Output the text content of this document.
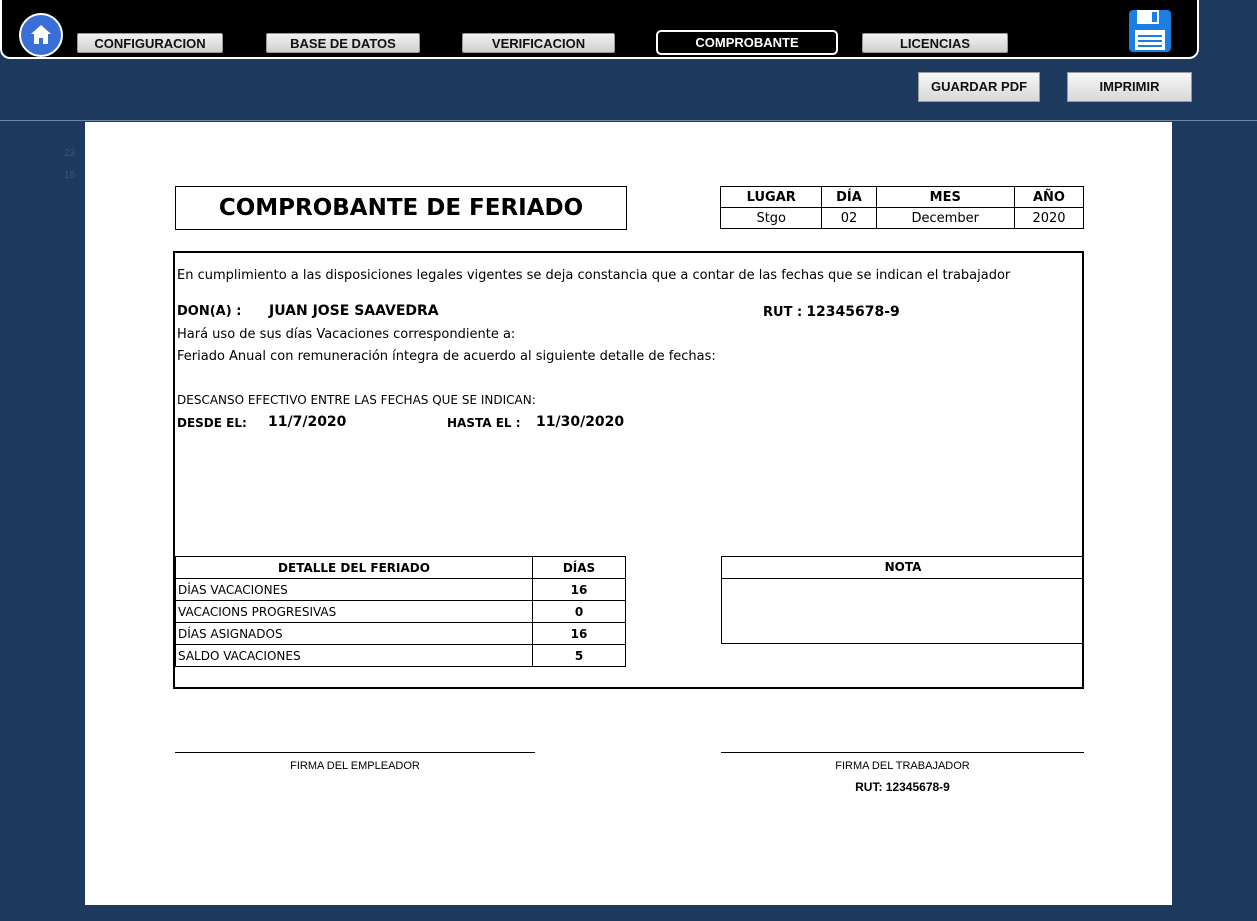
CONFIGURACION	BASE DE DATOS	VERIFICACION	COMPROBANTE	LICENCIAS
GUARDAR PDF	IMPRIMIR
23
16
COMPROBANTE DE FERIADO	LUGAR	DÍA	MES	AÑO
Stgo	02	December	2020
En cumplimiento a las disposiciones legales vigentes se deja constancia que a contar de las fechas que se indican el trabajador
DON(A) : JUAN JOSE SAAVEDRA	RUT : 12345678-9
Hará uso de sus días Vacaciones correspondiente a:
Feriado Anual con remuneración íntegra de acuerdo al siguiente detalle de fechas:
DESCANSO EFECTIVO ENTRE LAS FECHAS QUE SE INDICAN:
DESDE EL: 11/7/2020	HASTA EL : 11/30/2020
DETALLE DEL FERIADO	DÍAS
DÍAS VACACIONES	16
VACACIONS PROGRESIVAS	0
DÍAS ASIGNADOS	16
SALDO VACACIONES	5
NOTA
FIRMA DEL EMPLEADOR	FIRMA DEL TRABAJADOR
RUT: 12345678-9
